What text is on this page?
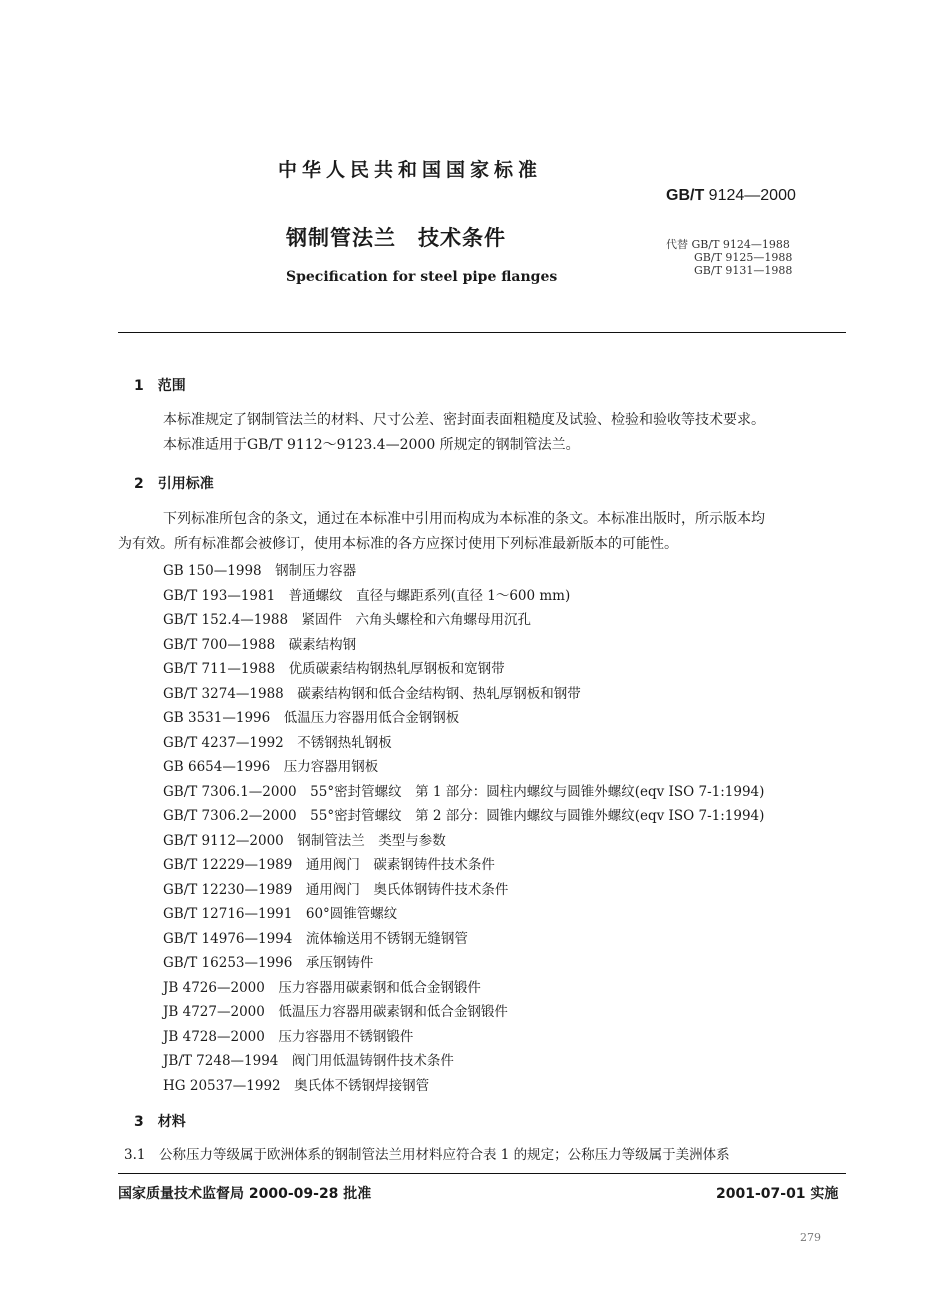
中华人民共和国国家标准
GB/T 9124—2000
钢制管法兰　技术条件	代替 GB/T 9124—1988
GB/T 9125—1988
GB/T 9131—1988
Specification for steel pipe flanges
1　范围
本标准规定了钢制管法兰的材料、尺寸公差、密封面表面粗糙度及试验、检验和验收等技术要求。
本标准适用于GB/T 9112～9123.4—2000 所规定的钢制管法兰。
2　引用标准
下列标准所包含的条文，通过在本标准中引用而构成为本标准的条文。本标准出版时，所示版本均
为有效。所有标准都会被修订，使用本标准的各方应探讨使用下列标准最新版本的可能性。
GB 150—1998　钢制压力容器
GB/T 193—1981　普通螺纹　直径与螺距系列(直径 1～600 mm)
GB/T 152.4—1988　紧固件　六角头螺栓和六角螺母用沉孔
GB/T 700—1988　碳素结构钢
GB/T 711—1988　优质碳素结构钢热轧厚钢板和宽钢带
GB/T 3274—1988　碳素结构钢和低合金结构钢、热轧厚钢板和钢带
GB 3531—1996　低温压力容器用低合金钢钢板
GB/T 4237—1992　不锈钢热轧钢板
GB 6654—1996　压力容器用钢板
GB/T 7306.1—2000　55°密封管螺纹　第 1 部分：圆柱内螺纹与圆锥外螺纹(eqv ISO 7-1:1994)
GB/T 7306.2—2000　55°密封管螺纹　第 2 部分：圆锥内螺纹与圆锥外螺纹(eqv ISO 7-1:1994)
GB/T 9112—2000　钢制管法兰　类型与参数
GB/T 12229—1989　通用阀门　碳素钢铸件技术条件
GB/T 12230—1989　通用阀门　奥氏体钢铸件技术条件
GB/T 12716—1991　60°圆锥管螺纹
GB/T 14976—1994　流体输送用不锈钢无缝钢管
GB/T 16253—1996　承压钢铸件
JB 4726—2000　压力容器用碳素钢和低合金钢锻件
JB 4727—2000　低温压力容器用碳素钢和低合金钢锻件
JB 4728—2000　压力容器用不锈钢锻件
JB/T 7248—1994　阀门用低温铸钢件技术条件
HG 20537—1992　奥氏体不锈钢焊接钢管
3　材料
3.1　公称压力等级属于欧洲体系的钢制管法兰用材料应符合表 1 的规定；公称压力等级属于美洲体系
国家质量技术监督局 2000-09-28 批准	2001-07-01 实施
279
